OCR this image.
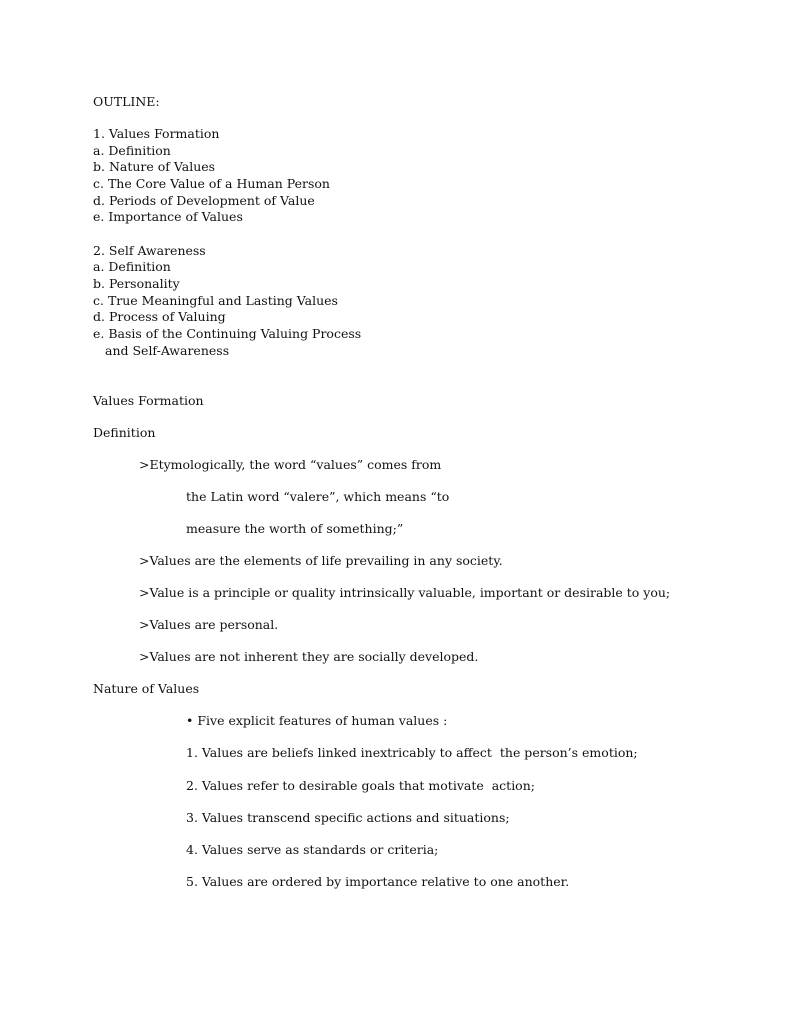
OUTLINE:
1. Values Formation
a. Definition
b. Nature of Values
c. The Core Value of a Human Person
d. Periods of Development of Value
e. Importance of Values
2. Self Awareness
a. Definition
b. Personality
c. True Meaningful and Lasting Values
d. Process of Valuing
e. Basis of the Continuing Valuing Process
and Self-Awareness
Values Formation
Definition
>Etymologically, the word “values” comes from
the Latin word “valere”, which means “to
measure the worth of something;”
>Values are the elements of life prevailing in any society.
>Value is a principle or quality intrinsically valuable, important or desirable to you;
>Values are personal.
>Values are not inherent they are socially developed.
Nature of Values
• Five explicit features of human values :
1. Values are beliefs linked inextricably to affect  the person’s emotion;
2. Values refer to desirable goals that motivate  action;
3. Values transcend specific actions and situations;
4. Values serve as standards or criteria;
5. Values are ordered by importance relative to one another.
